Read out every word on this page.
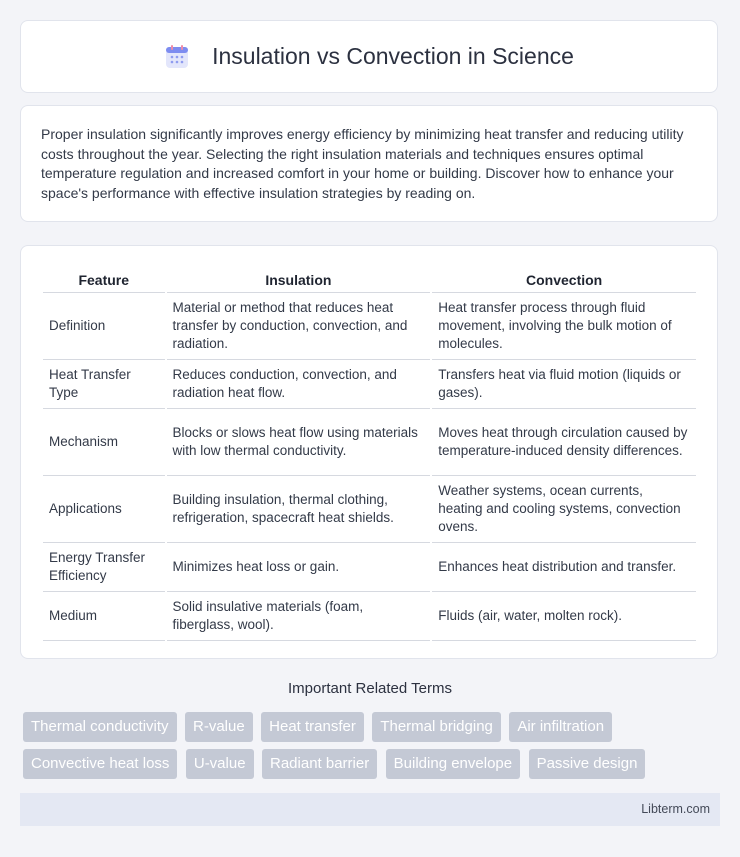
Insulation vs Convection in Science

Proper insulation significantly improves energy efficiency by minimizing heat transfer and reducing utility costs throughout the year. Selecting the right insulation materials and techniques ensures optimal temperature regulation and increased comfort in your home or building. Discover how to enhance your space's performance with effective insulation strategies by reading on.

Feature	Insulation	Convection
Definition	Material or method that reduces heat transfer by conduction, convection, and radiation.	Heat transfer process through fluid movement, involving the bulk motion of molecules.
Heat Transfer Type	Reduces conduction, convection, and radiation heat flow.	Transfers heat via fluid motion (liquids or gases).
Mechanism	Blocks or slows heat flow using materials with low thermal conductivity.	Moves heat through circulation caused by temperature-induced density differences.
Applications	Building insulation, thermal clothing, refrigeration, spacecraft heat shields.	Weather systems, ocean currents, heating and cooling systems, convection ovens.
Energy Transfer Efficiency	Minimizes heat loss or gain.	Enhances heat distribution and transfer.
Medium	Solid insulative materials (foam, fiberglass, wool).	Fluids (air, water, molten rock).
Important Related Terms
Thermal conductivity R-value Heat transfer Thermal bridging Air infiltration Convective heat loss U-value Radiant barrier Building envelope Passive design
Libterm.com
